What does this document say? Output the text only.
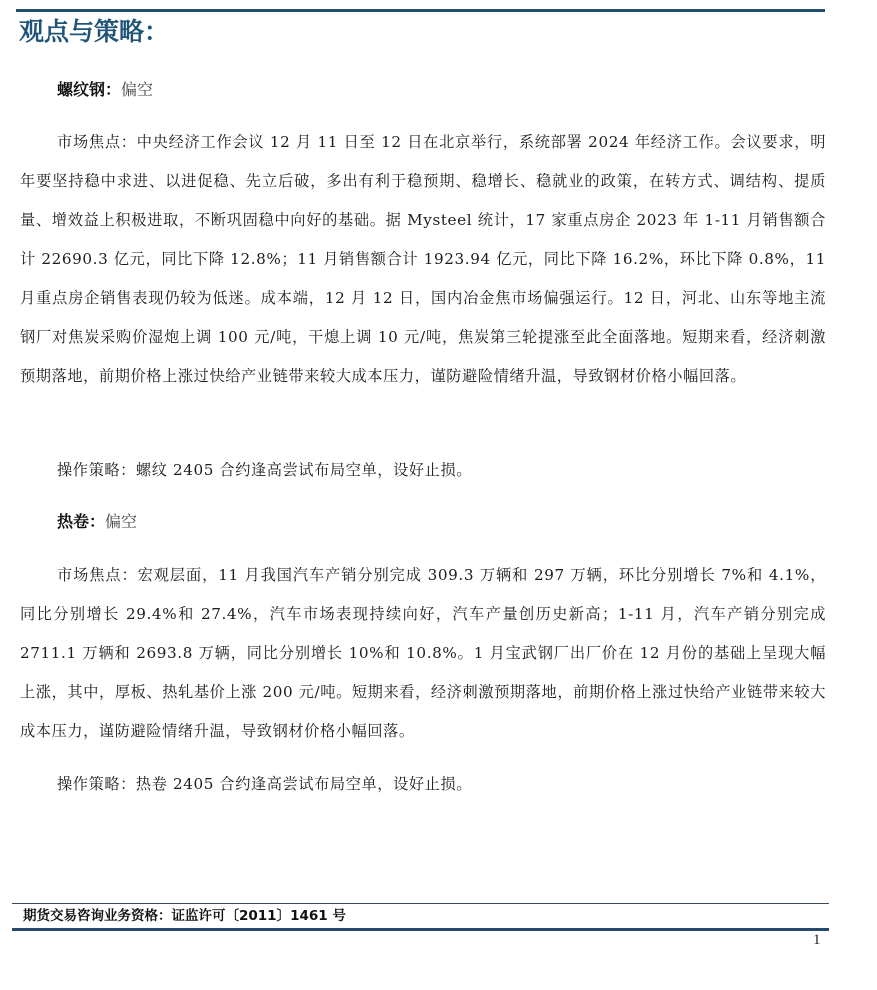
观点与策略：
螺纹钢：偏空
市场焦点：中央经济工作会议 12 月 11 日至 12 日在北京举行，系统部署 2024 年经济工作。会议要求，明年要坚持稳中求进、以进促稳、先立后破，多出有利于稳预期、稳增长、稳就业的政策，在转方式、调结构、提质量、增效益上积极进取，不断巩固稳中向好的基础。据 Mysteel 统计，17 家重点房企 2023 年 1-11 月销售额合计 22690.3 亿元，同比下降 12.8%；11 月销售额合计 1923.94 亿元，同比下降 16.2%，环比下降 0.8%，11 月重点房企销售表现仍较为低迷。成本端，12 月 12 日，国内冶金焦市场偏强运行。12 日，河北、山东等地主流钢厂对焦炭采购价湿炮上调 100 元/吨，干熄上调 10 元/吨，焦炭第三轮提涨至此全面落地。短期来看，经济刺激预期落地，前期价格上涨过快给产业链带来较大成本压力，谨防避险情绪升温，导致钢材价格小幅回落。
操作策略：螺纹 2405 合约逢高尝试布局空单，设好止损。
热卷：偏空
市场焦点：宏观层面，11 月我国汽车产销分别完成 309.3 万辆和 297 万辆，环比分别增长 7%和 4.1%，同比分别增长 29.4%和 27.4%，汽车市场表现持续向好，汽车产量创历史新高；1-11 月，汽车产销分别完成 2711.1 万辆和 2693.8 万辆，同比分别增长 10%和 10.8%。1 月宝武钢厂出厂价在 12 月份的基础上呈现大幅上涨，其中，厚板、热轧基价上涨 200 元/吨。短期来看，经济刺激预期落地，前期价格上涨过快给产业链带来较大成本压力，谨防避险情绪升温，导致钢材价格小幅回落。
操作策略：热卷 2405 合约逢高尝试布局空单，设好止损。
期货交易咨询业务资格：证监许可〔2011〕1461 号
1
